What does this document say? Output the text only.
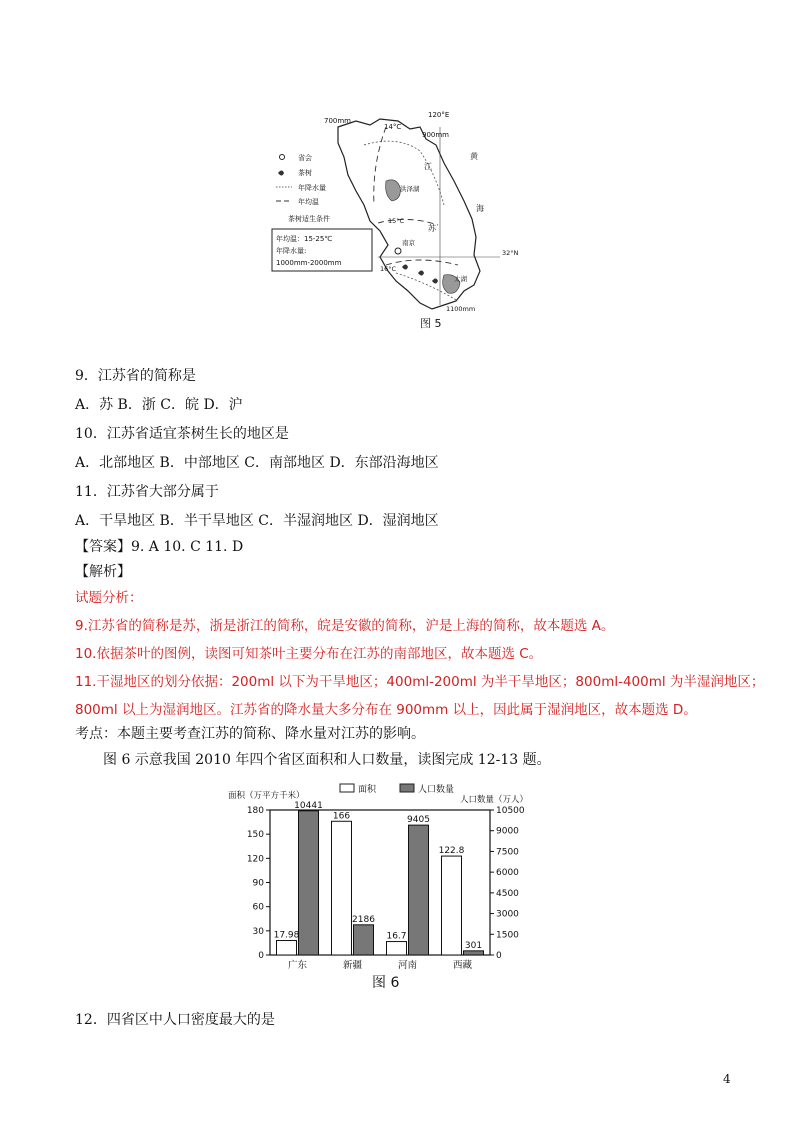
700mm
120°E
14°C
900mm
江
黄
海
苏
洪泽湖
15°C
南京
32°N
16°C
太湖
1100mm
省会
茶树
年降水量
年均温
茶树适生条件
年均温：15-25℃
年降水量:
1000mm-2000mm
图 5
9．江苏省的简称是
A．苏 B．浙 C．皖 D．沪
10．江苏省适宜茶树生长的地区是
A．北部地区 B．中部地区 C．南部地区 D．东部沿海地区
11．江苏省大部分属于
A．干旱地区 B．半干旱地区 C．半湿润地区 D．湿润地区
【答案】9. A 10. C 11. D
【解析】
试题分析：
9.江苏省的简称是苏，浙是浙江的简称，皖是安徽的简称，沪是上海的简称，故本题选 A。
10.依据茶叶的图例，读图可知茶叶主要分布在江苏的南部地区，故本题选 C。
11.干湿地区的划分依据：200ml 以下为干旱地区；400ml-200ml 为半干旱地区；800ml-400ml 为半湿润地区；
800ml 以上为湿润地区。江苏省的降水量大多分布在 900mm 以上，因此属于湿润地区，故本题选 D。
考点：本题主要考查江苏的简称、降水量对江苏的影响。
图 6 示意我国 2010 年四个省区面积和人口数量，读图完成 12-13 题。
0
30
60
90
120
150
180
0
1500
3000
4500
6000
7500
9000
10500
17.98
10441
广东
166
2186
新疆
16.7
9405
河南
122.8
301
西藏
面积	人口数量
面积（万平方千米）	人口数量（万人）
图 6
12．四省区中人口密度最大的是
4
